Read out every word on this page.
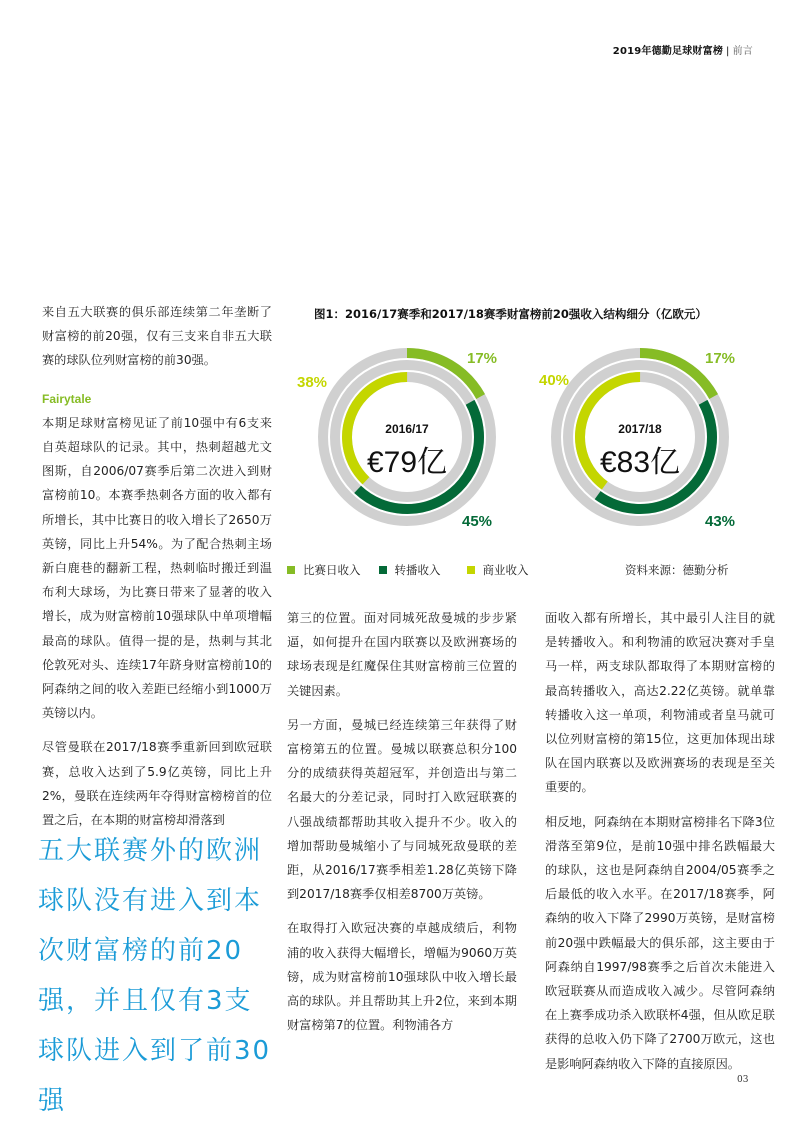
2019年德勤足球财富榜 | 前言

来自五大联赛的俱乐部连续第二年垄断了财富榜的前20强，仅有三支来自非五大联赛的球队位列财富榜的前30强。

Fairytale

本期足球财富榜见证了前10强中有6支来自英超球队的记录。其中，热刺超越尤文图斯，自2006/07赛季后第二次进入到财富榜前10。本赛季热刺各方面的收入都有所增长，其中比赛日的收入增长了2650万英镑，同比上升54%。为了配合热刺主场新白鹿巷的翻新工程，热刺临时搬迁到温布利大球场，为比赛日带来了显著的收入增长，成为财富榜前10强球队中单项增幅最高的球队。值得一提的是，热刺与其北伦敦死对头、连续17年跻身财富榜前10的阿森纳之间的收入差距已经缩小到1000万英镑以内。

尽管曼联在2017/18赛季重新回到欧冠联赛，总收入达到了5.9亿英镑，同比上升2%，曼联在连续两年夺得财富榜榜首的位置之后，在本期的财富榜却滑落到

五大联赛外的欧洲球队没有进入到本次财富榜的前20强，并且仅有3支球队进入到了前30强
图1：2016/17赛季和2017/18赛季财富榜前20强收入结构细分（亿欧元）
2016/17
€79亿
17%
38%
45%
2017/18
€83亿
17%
40%
43%
比赛日收入	转播收入	商业收入	资料来源：德勤分析

第三的位置。面对同城死敌曼城的步步紧逼，如何提升在国内联赛以及欧洲赛场的球场表现是红魔保住其财富榜前三位置的关键因素。

另一方面，曼城已经连续第三年获得了财富榜第五的位置。曼城以联赛总积分100分的成绩获得英超冠军，并创造出与第二名最大的分差记录，同时打入欧冠联赛的八强战绩都帮助其收入提升不少。收入的增加帮助曼城缩小了与同城死敌曼联的差距，从2016/17赛季相差1.28亿英镑下降到2017/18赛季仅相差8700万英镑。

在取得打入欧冠决赛的卓越成绩后，利物浦的收入获得大幅增长，增幅为9060万英镑，成为财富榜前10强球队中收入增长最高的球队。并且帮助其上升2位，来到本期财富榜第7的位置。利物浦各方

面收入都有所增长，其中最引人注目的就是转播收入。和利物浦的欧冠决赛对手皇马一样，两支球队都取得了本期财富榜的最高转播收入，高达2.22亿英镑。就单靠转播收入这一单项，利物浦或者皇马就可以位列财富榜的第15位，这更加体现出球队在国内联赛以及欧洲赛场的表现是至关重要的。

相反地，阿森纳在本期财富榜排名下降3位滑落至第9位，是前10强中排名跌幅最大的球队，这也是阿森纳自2004/05赛季之后最低的收入水平。在2017/18赛季，阿森纳的收入下降了2990万英镑，是财富榜前20强中跌幅最大的俱乐部，这主要由于阿森纳自1997/98赛季之后首次未能进入欧冠联赛从而造成收入减少。尽管阿森纳在上赛季成功杀入欧联杯4强，但从欧足联获得的总收入仍下降了2700万欧元，这也是影响阿森纳收入下降的直接原因。

03
